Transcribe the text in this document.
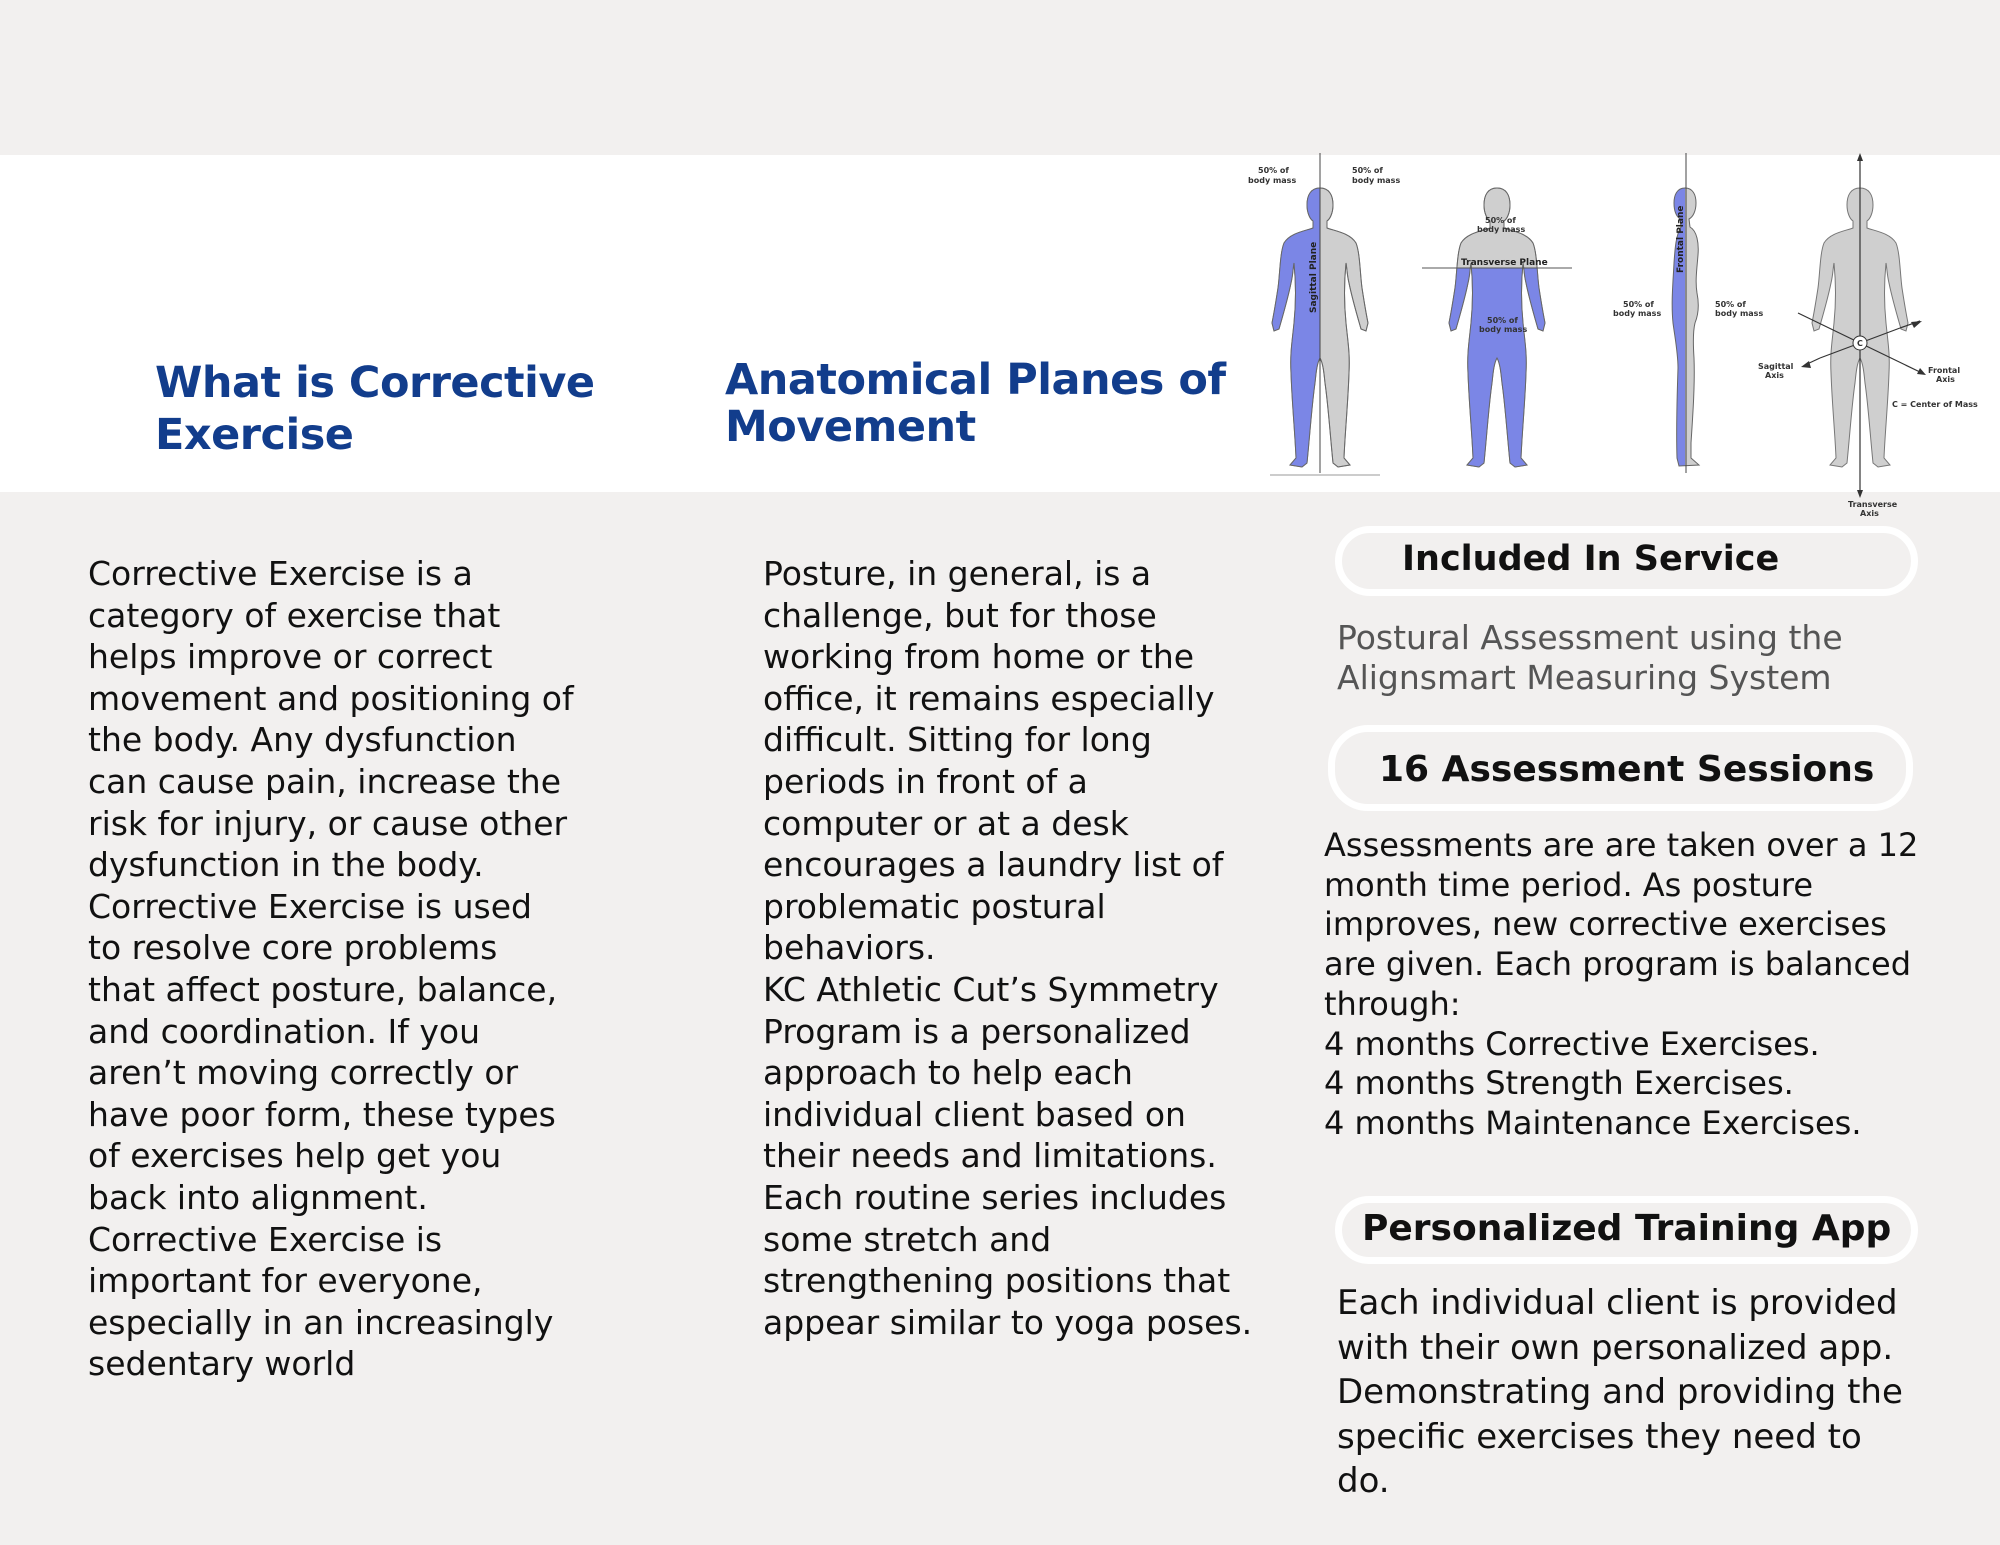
What is Corrective Exercise
Anatomical Planes of Movement
Sagittal Plane
50% of
body mass
50% of
body mass
Transverse Plane
50% of
body mass
50% of
body mass
Frontal Plane
50% of
body mass
50% of
body mass
C
Sagittal
Axis
Frontal
Axis
C = Center of Mass
Transverse
Axis

Corrective Exercise is a
category of exercise that
helps improve or correct
movement and positioning of
the body. Any dysfunction
can cause pain, increase the
risk for injury, or cause other
dysfunction in the body.
Corrective Exercise is used
to resolve core problems
that affect posture, balance,
and coordination. If you
aren’t moving correctly or
have poor form, these types
of exercises help get you
back into alignment.
Corrective Exercise is
important for everyone,
especially in an increasingly
sedentary world

Posture, in general, is a
challenge, but for those
working from home or the
office, it remains especially
difficult. Sitting for long
periods in front of a
computer or at a desk
encourages a laundry list of
problematic postural
behaviors.
KC Athletic Cut’s Symmetry
Program is a personalized
approach to help each
individual client based on
their needs and limitations.
Each routine series includes
some stretch and
strengthening positions that
appear similar to yoga poses.

Included In Service

Postural Assessment using the
Alignsmart Measuring System

16 Assessment Sessions

Assessments are are taken over a 12
month time period. As posture
improves, new corrective exercises
are given. Each program is balanced
through:
4 months Corrective Exercises.
4 months Strength Exercises.
4 months Maintenance Exercises.

Personalized Training App

Each individual client is provided
with their own personalized app.
Demonstrating and providing the
specific exercises they need to
do.
